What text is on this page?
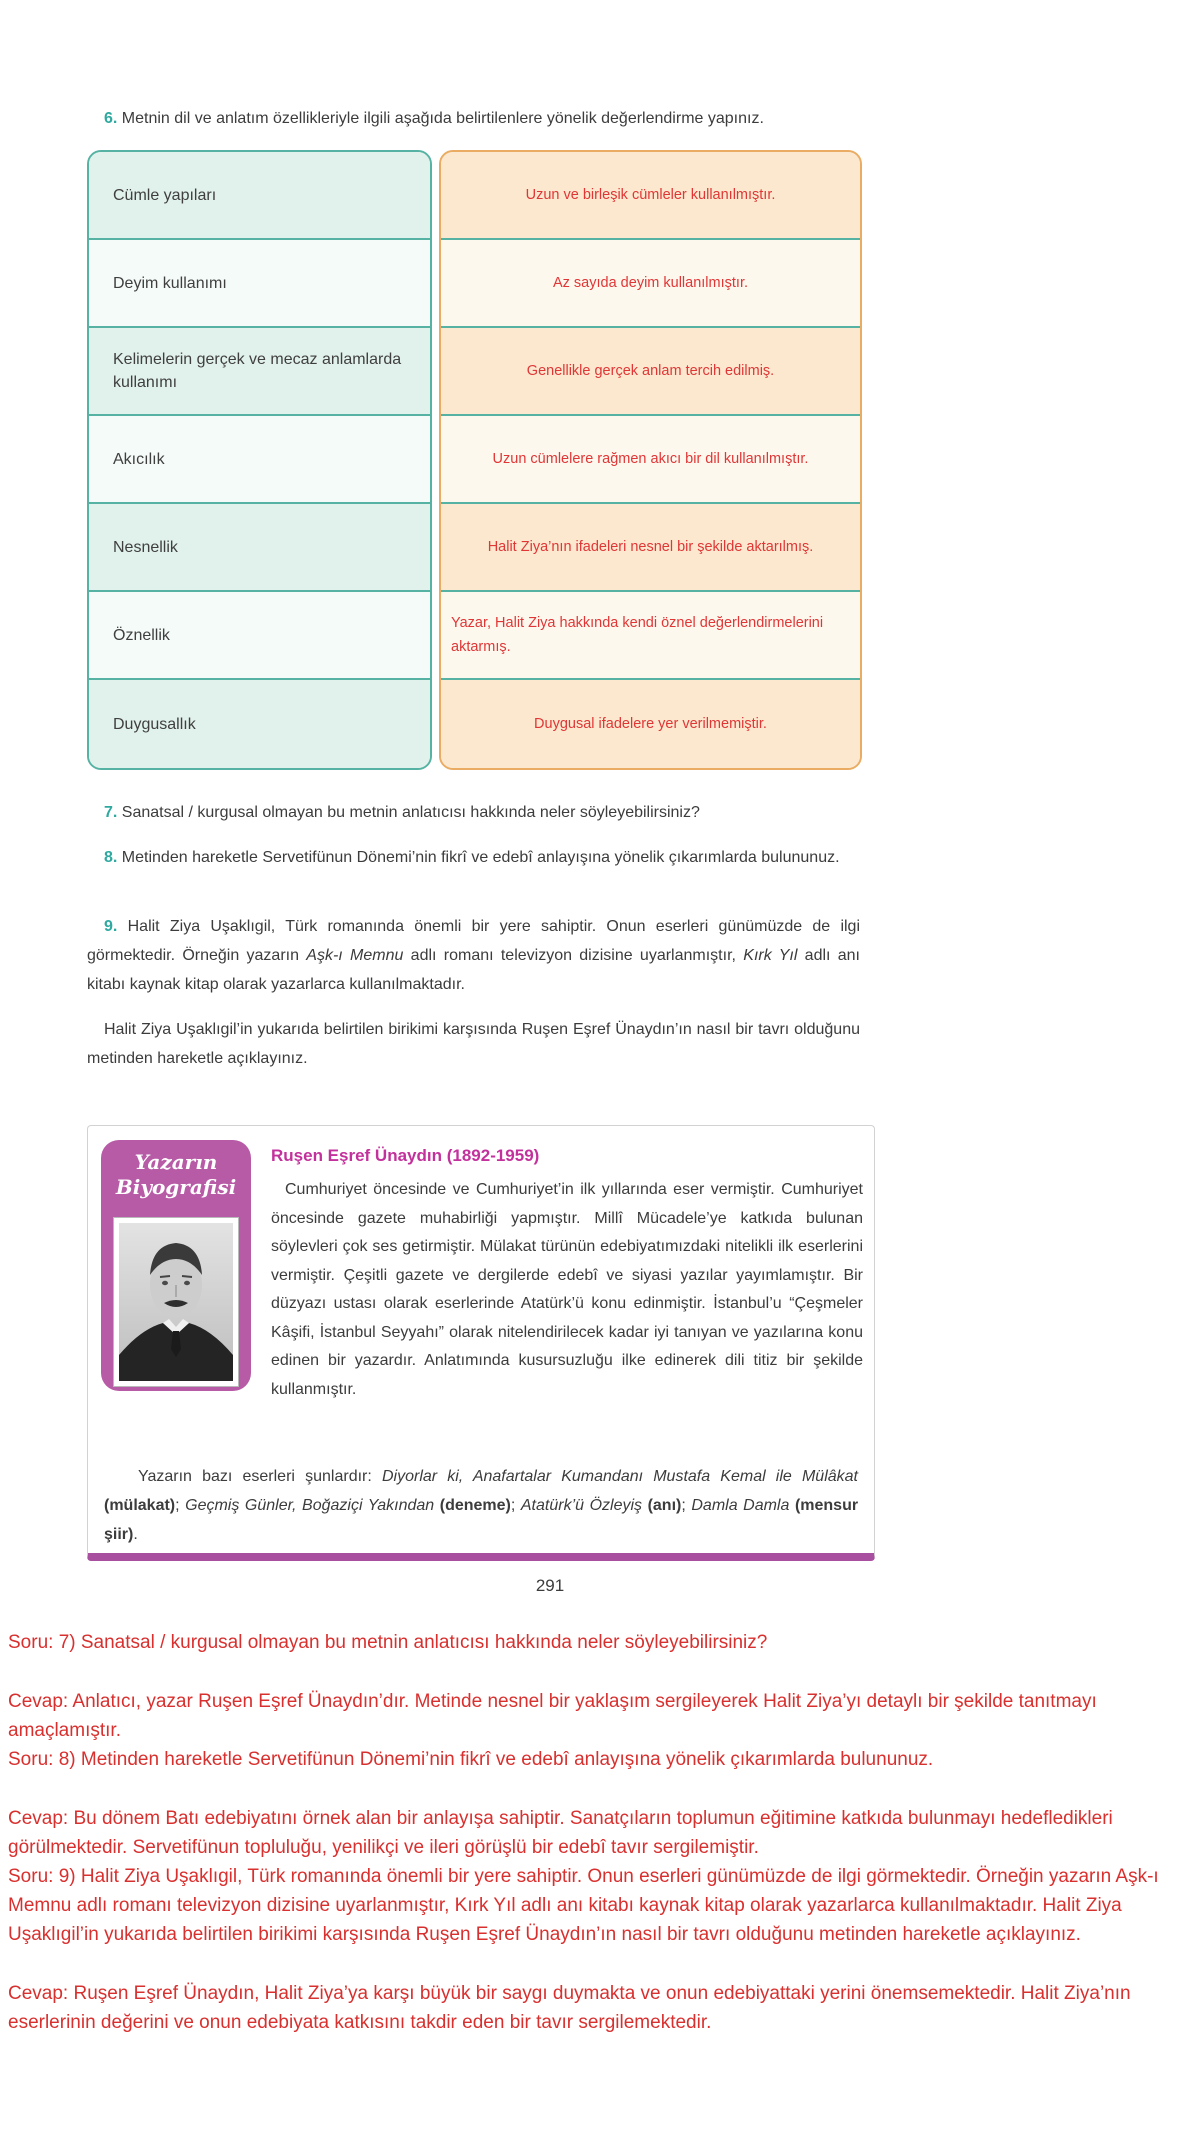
6. Metnin dil ve anlatım özellikleriyle ilgili aşağıda belirtilenlere yönelik değerlendirme yapınız.

Cümle yapıları
Deyim kullanımı
Kelimelerin gerçek ve mecaz anlamlarda kullanımı
Akıcılık
Nesnellik
Öznellik
Duygusallık
Uzun ve birleşik cümleler kullanılmıştır.
Az sayıda deyim kullanılmıştır.
Genellikle gerçek anlam tercih edilmiş.
Uzun cümlelere rağmen akıcı bir dil kullanılmıştır.
Halit Ziya’nın ifadeleri nesnel bir şekilde aktarılmış.
Yazar, Halit Ziya hakkında kendi öznel değerlendirmelerini aktarmış.
Duygusal ifadelere yer verilmemiştir.

7. Sanatsal / kurgusal olmayan bu metnin anlatıcısı hakkında neler söyleyebilirsiniz?

8. Metinden hareketle Servetifünun Dönemi’nin fikrî ve edebî anlayışına yönelik çıkarımlarda bulununuz.

9. Halit Ziya Uşaklıgil, Türk romanında önemli bir yere sahiptir. Onun eserleri günümüzde de ilgi görmektedir. Örneğin yazarın Aşk-ı Memnu adlı romanı televizyon dizisine uyarlanmıştır, Kırk Yıl adlı anı kitabı kaynak kitap olarak yazarlarca kullanılmaktadır.

Halit Ziya Uşaklıgil’in yukarıda belirtilen birikimi karşısında Ruşen Eşref Ünaydın’ın nasıl bir tavrı olduğunu metinden hareketle açıklayınız.

Yazarın
Biyografisi

Ruşen Eşref Ünaydın (1892-1959)

Cumhuriyet öncesinde ve Cumhuriyet’in ilk yıllarında eser vermiştir. Cumhuriyet öncesinde gazete muhabirliği yapmıştır. Millî Mücadele’ye katkıda bulunan söylevleri çok ses getirmiştir. Mülakat türünün edebiyatımızdaki nitelikli ilk eserlerini vermiştir. Çeşitli gazete ve dergilerde edebî ve siyasi yazılar yayımlamıştır. Bir düzyazı ustası olarak eserlerinde Atatürk’ü konu edinmiştir. İstanbul’u “Çeşmeler Kâşifi, İstanbul Seyyahı” olarak nitelendirilecek kadar iyi tanıyan ve yazılarına konu edinen bir yazardır. Anlatımında kusursuzluğu ilke edinerek dili titiz bir şekilde kullanmıştır.

Yazarın bazı eserleri şunlardır: Diyorlar ki, Anafartalar Kumandanı Mustafa Kemal ile Mülâkat (mülakat); Geçmiş Günler, Boğaziçi Yakından (deneme); Atatürk’ü Özleyiş (anı); Damla Damla (mensur şiir).

291

Soru: 7) Sanatsal / kurgusal olmayan bu metnin anlatıcısı hakkında neler söyleyebilirsiniz?

Cevap: Anlatıcı, yazar Ruşen Eşref Ünaydın’dır. Metinde nesnel bir yaklaşım sergileyerek Halit Ziya’yı detaylı bir şekilde tanıtmayı amaçlamıştır.

Soru: 8) Metinden hareketle Servetifünun Dönemi’nin fikrî ve edebî anlayışına yönelik çıkarımlarda bulununuz.

Cevap: Bu dönem Batı edebiyatını örnek alan bir anlayışa sahiptir. Sanatçıların toplumun eğitimine katkıda bulunmayı hedefledikleri görülmektedir. Servetifünun topluluğu, yenilikçi ve ileri görüşlü bir edebî tavır sergilemiştir.

Soru: 9) Halit Ziya Uşaklıgil, Türk romanında önemli bir yere sahiptir. Onun eserleri günümüzde de ilgi görmektedir. Örneğin yazarın Aşk-ı Memnu adlı romanı televizyon dizisine uyarlanmıştır, Kırk Yıl adlı anı kitabı kaynak kitap olarak yazarlarca kullanılmaktadır. Halit Ziya Uşaklıgil’in yukarıda belirtilen birikimi karşısında Ruşen Eşref Ünaydın’ın nasıl bir tavrı olduğunu metinden hareketle açıklayınız.

Cevap: Ruşen Eşref Ünaydın, Halit Ziya’ya karşı büyük bir saygı duymakta ve onun edebiyattaki yerini önemsemektedir. Halit Ziya’nın eserlerinin değerini ve onun edebiyata katkısını takdir eden bir tavır sergilemektedir.
